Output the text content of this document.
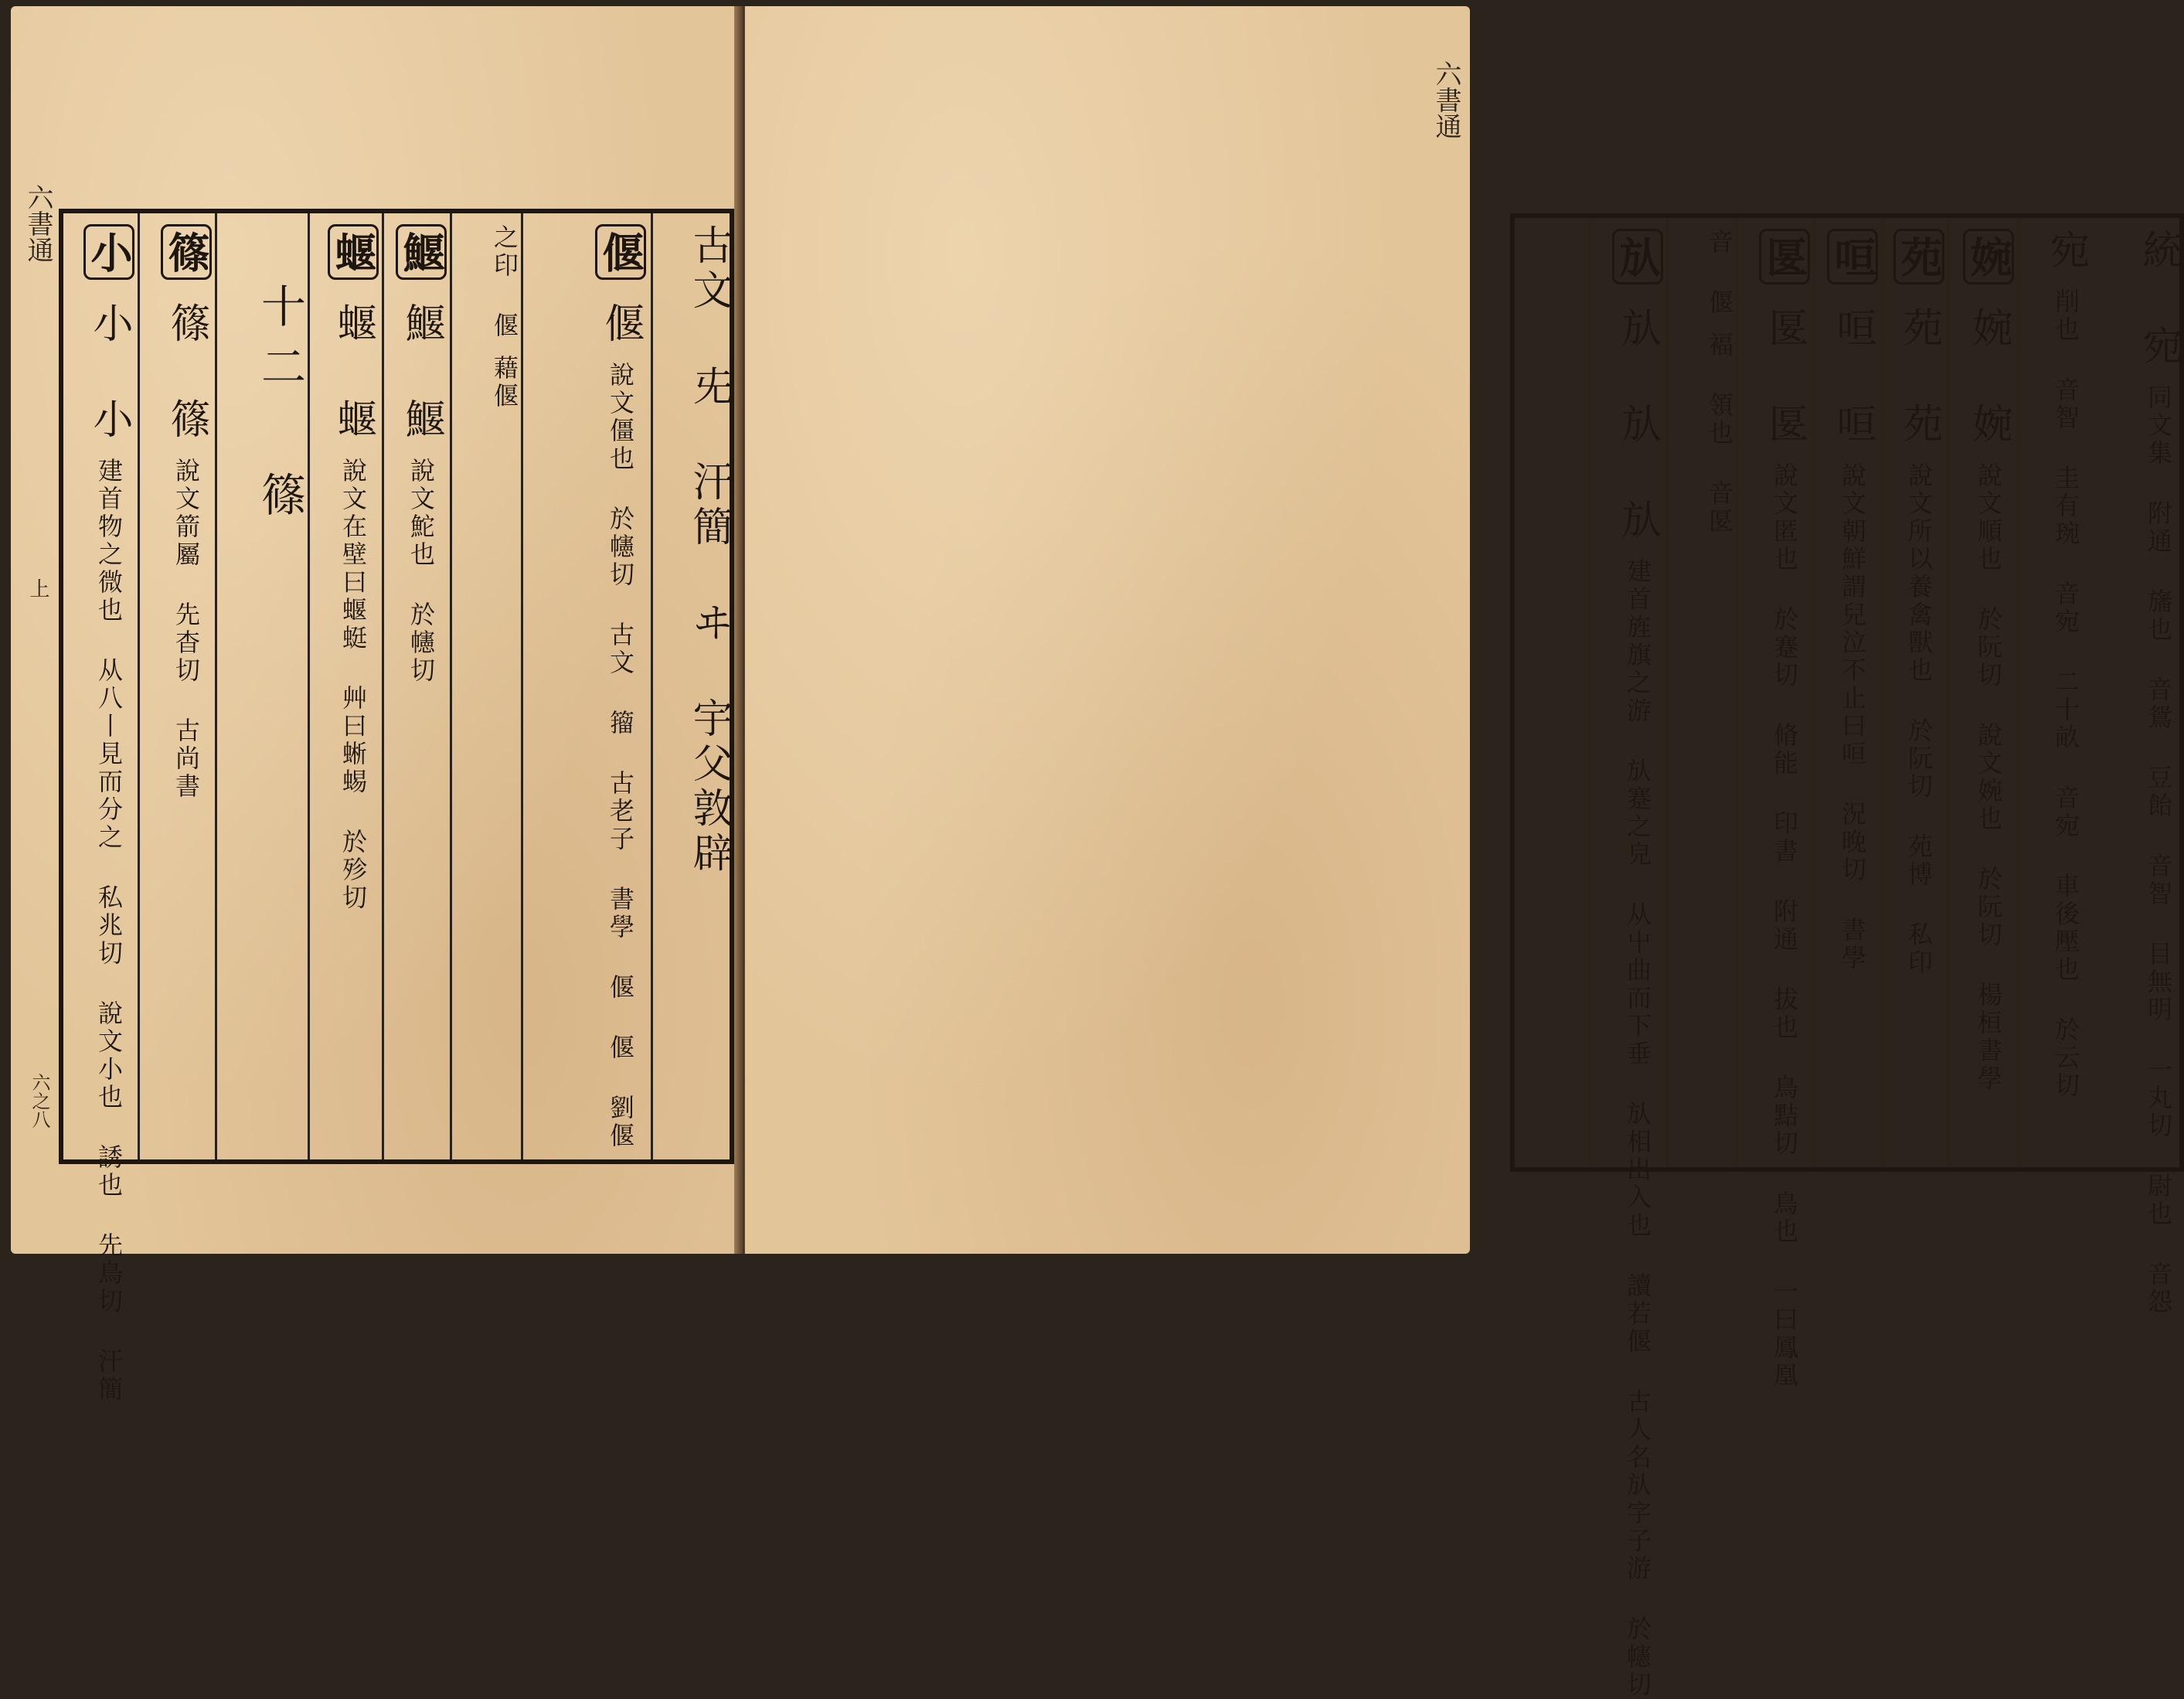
六書通
上
六之八
古文 兂 汗簡 ヰ 宇父敦辟
偃 偃 說文僵也 於幰切 古文 籀 古老子 書學 偃 偃 劉偃
之印 偃 藉偃
鰋 鰋 鰋 說文鮀也 於幰切
蝘 蝘 蝘 說文在壁曰蝘蜓 艸曰蜥蜴 於殄切
十二 篠
篠 篠 篠 說文箭屬 先杳切 古尚書
小 小 小 建首物之微也 从八丨見而分之 私兆切 說文小也 誘也 先鳥切 汗簡
六書通
統 宛 同文集 附通 旛也 音鴛 豆飴 音智 目無明 一丸切 尉也 音怨
宛 削也 音智 圭有琬 音宛 二十畝 音宛 車後壓也 於云切
婉 婉 婉 說文順也 於阮切 說文婉也 於阮切 楊桓書學
苑 苑 苑 說文所以養禽獸也 於阮切 苑博 私印
咺 咺 咺 說文朝鮮謂兒泣不止曰咺 況晚切 書學
匽 匽 匽 說文匿也 於蹇切 脩能 印書 附通 拔也 鳥黠切 鳥也 一曰鳳凰
音 偃 褔 領也 音匽
㫃 㫃 㫃 㫃 建首旌旗之游 㫃蹇之皃 从屮曲而下垂 㫃相出入也 讀若偃 古人名㫃字子游 於幰切
